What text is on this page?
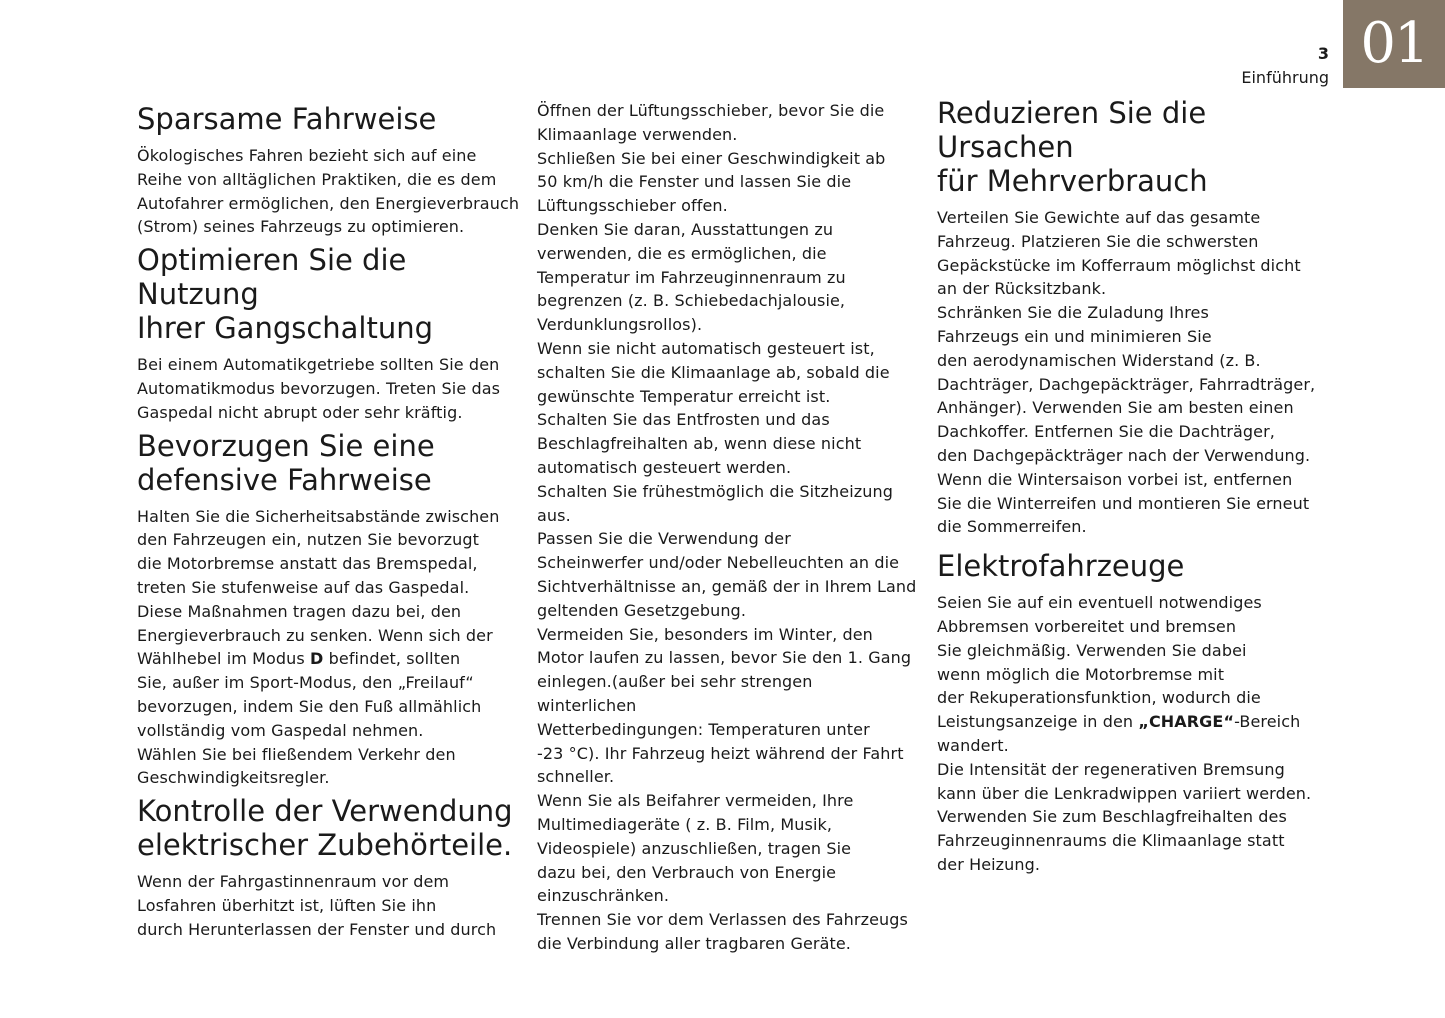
3
Einführung
01
Sparsame Fahrweise

Ökologisches Fahren bezieht sich auf eine
Reihe von alltäglichen Praktiken, die es dem
Autofahrer ermöglichen, den Energieverbrauch
(Strom) seines Fahrzeugs zu optimieren.

Optimieren Sie die Nutzung
Ihrer Gangschaltung

Bei einem Automatikgetriebe sollten Sie den
Automatikmodus bevorzugen. Treten Sie das
Gaspedal nicht abrupt oder sehr kräftig.

Bevorzugen Sie eine
defensive Fahrweise

Halten Sie die Sicherheitsabstände zwischen
den Fahrzeugen ein, nutzen Sie bevorzugt
die Motorbremse anstatt das Bremspedal,
treten Sie stufenweise auf das Gaspedal.
Diese Maßnahmen tragen dazu bei, den
Energieverbrauch zu senken. Wenn sich der
Wählhebel im Modus D befindet, sollten
Sie, außer im Sport-Modus, den „Freilauf“
bevorzugen, indem Sie den Fuß allmählich
vollständig vom Gaspedal nehmen.
Wählen Sie bei fließendem Verkehr den
Geschwindigkeitsregler.

Kontrolle der Verwendung
elektrischer Zubehörteile.

Wenn der Fahrgastinnenraum vor dem
Losfahren überhitzt ist, lüften Sie ihn
durch Herunterlassen der Fenster und durch

Öffnen der Lüftungsschieber, bevor Sie die
Klimaanlage verwenden.
Schließen Sie bei einer Geschwindigkeit ab
50 km/h die Fenster und lassen Sie die
Lüftungsschieber offen.
Denken Sie daran, Ausstattungen zu
verwenden, die es ermöglichen, die
Temperatur im Fahrzeuginnenraum zu
begrenzen (z. B. Schiebedachjalousie,
Verdunklungsrollos).
Wenn sie nicht automatisch gesteuert ist,
schalten Sie die Klimaanlage ab, sobald die
gewünschte Temperatur erreicht ist.
Schalten Sie das Entfrosten und das
Beschlagfreihalten ab, wenn diese nicht
automatisch gesteuert werden.
Schalten Sie frühestmöglich die Sitzheizung
aus.
Passen Sie die Verwendung der
Scheinwerfer und/oder Nebelleuchten an die
Sichtverhältnisse an, gemäß der in Ihrem Land
geltenden Gesetzgebung.
Vermeiden Sie, besonders im Winter, den
Motor laufen zu lassen, bevor Sie den 1. Gang
einlegen.(außer bei sehr strengen winterlichen
Wetterbedingungen: Temperaturen unter
-23 °C). Ihr Fahrzeug heizt während der Fahrt
schneller.
Wenn Sie als Beifahrer vermeiden, Ihre
Multimediageräte ( z. B. Film, Musik,
Videospiele) anzuschließen, tragen Sie
dazu bei, den Verbrauch von Energie
einzuschränken.
Trennen Sie vor dem Verlassen des Fahrzeugs
die Verbindung aller tragbaren Geräte.

Reduzieren Sie die Ursachen
für Mehrverbrauch

Verteilen Sie Gewichte auf das gesamte
Fahrzeug. Platzieren Sie die schwersten
Gepäckstücke im Kofferraum möglichst dicht
an der Rücksitzbank.
Schränken Sie die Zuladung Ihres
Fahrzeugs ein und minimieren Sie
den aerodynamischen Widerstand (z. B.
Dachträger, Dachgepäckträger, Fahrradträger,
Anhänger). Verwenden Sie am besten einen
Dachkoffer. Entfernen Sie die Dachträger,
den Dachgepäckträger nach der Verwendung.
Wenn die Wintersaison vorbei ist, entfernen
Sie die Winterreifen und montieren Sie erneut
die Sommerreifen.

Elektrofahrzeuge

Seien Sie auf ein eventuell notwendiges
Abbremsen vorbereitet und bremsen
Sie gleichmäßig. Verwenden Sie dabei
wenn möglich die Motorbremse mit
der Rekuperationsfunktion, wodurch die
Leistungsanzeige in den „CHARGE“-Bereich
wandert.
Die Intensität der regenerativen Bremsung
kann über die Lenkradwippen variiert werden.
Verwenden Sie zum Beschlagfreihalten des
Fahrzeuginnenraums die Klimaanlage statt
der Heizung.
